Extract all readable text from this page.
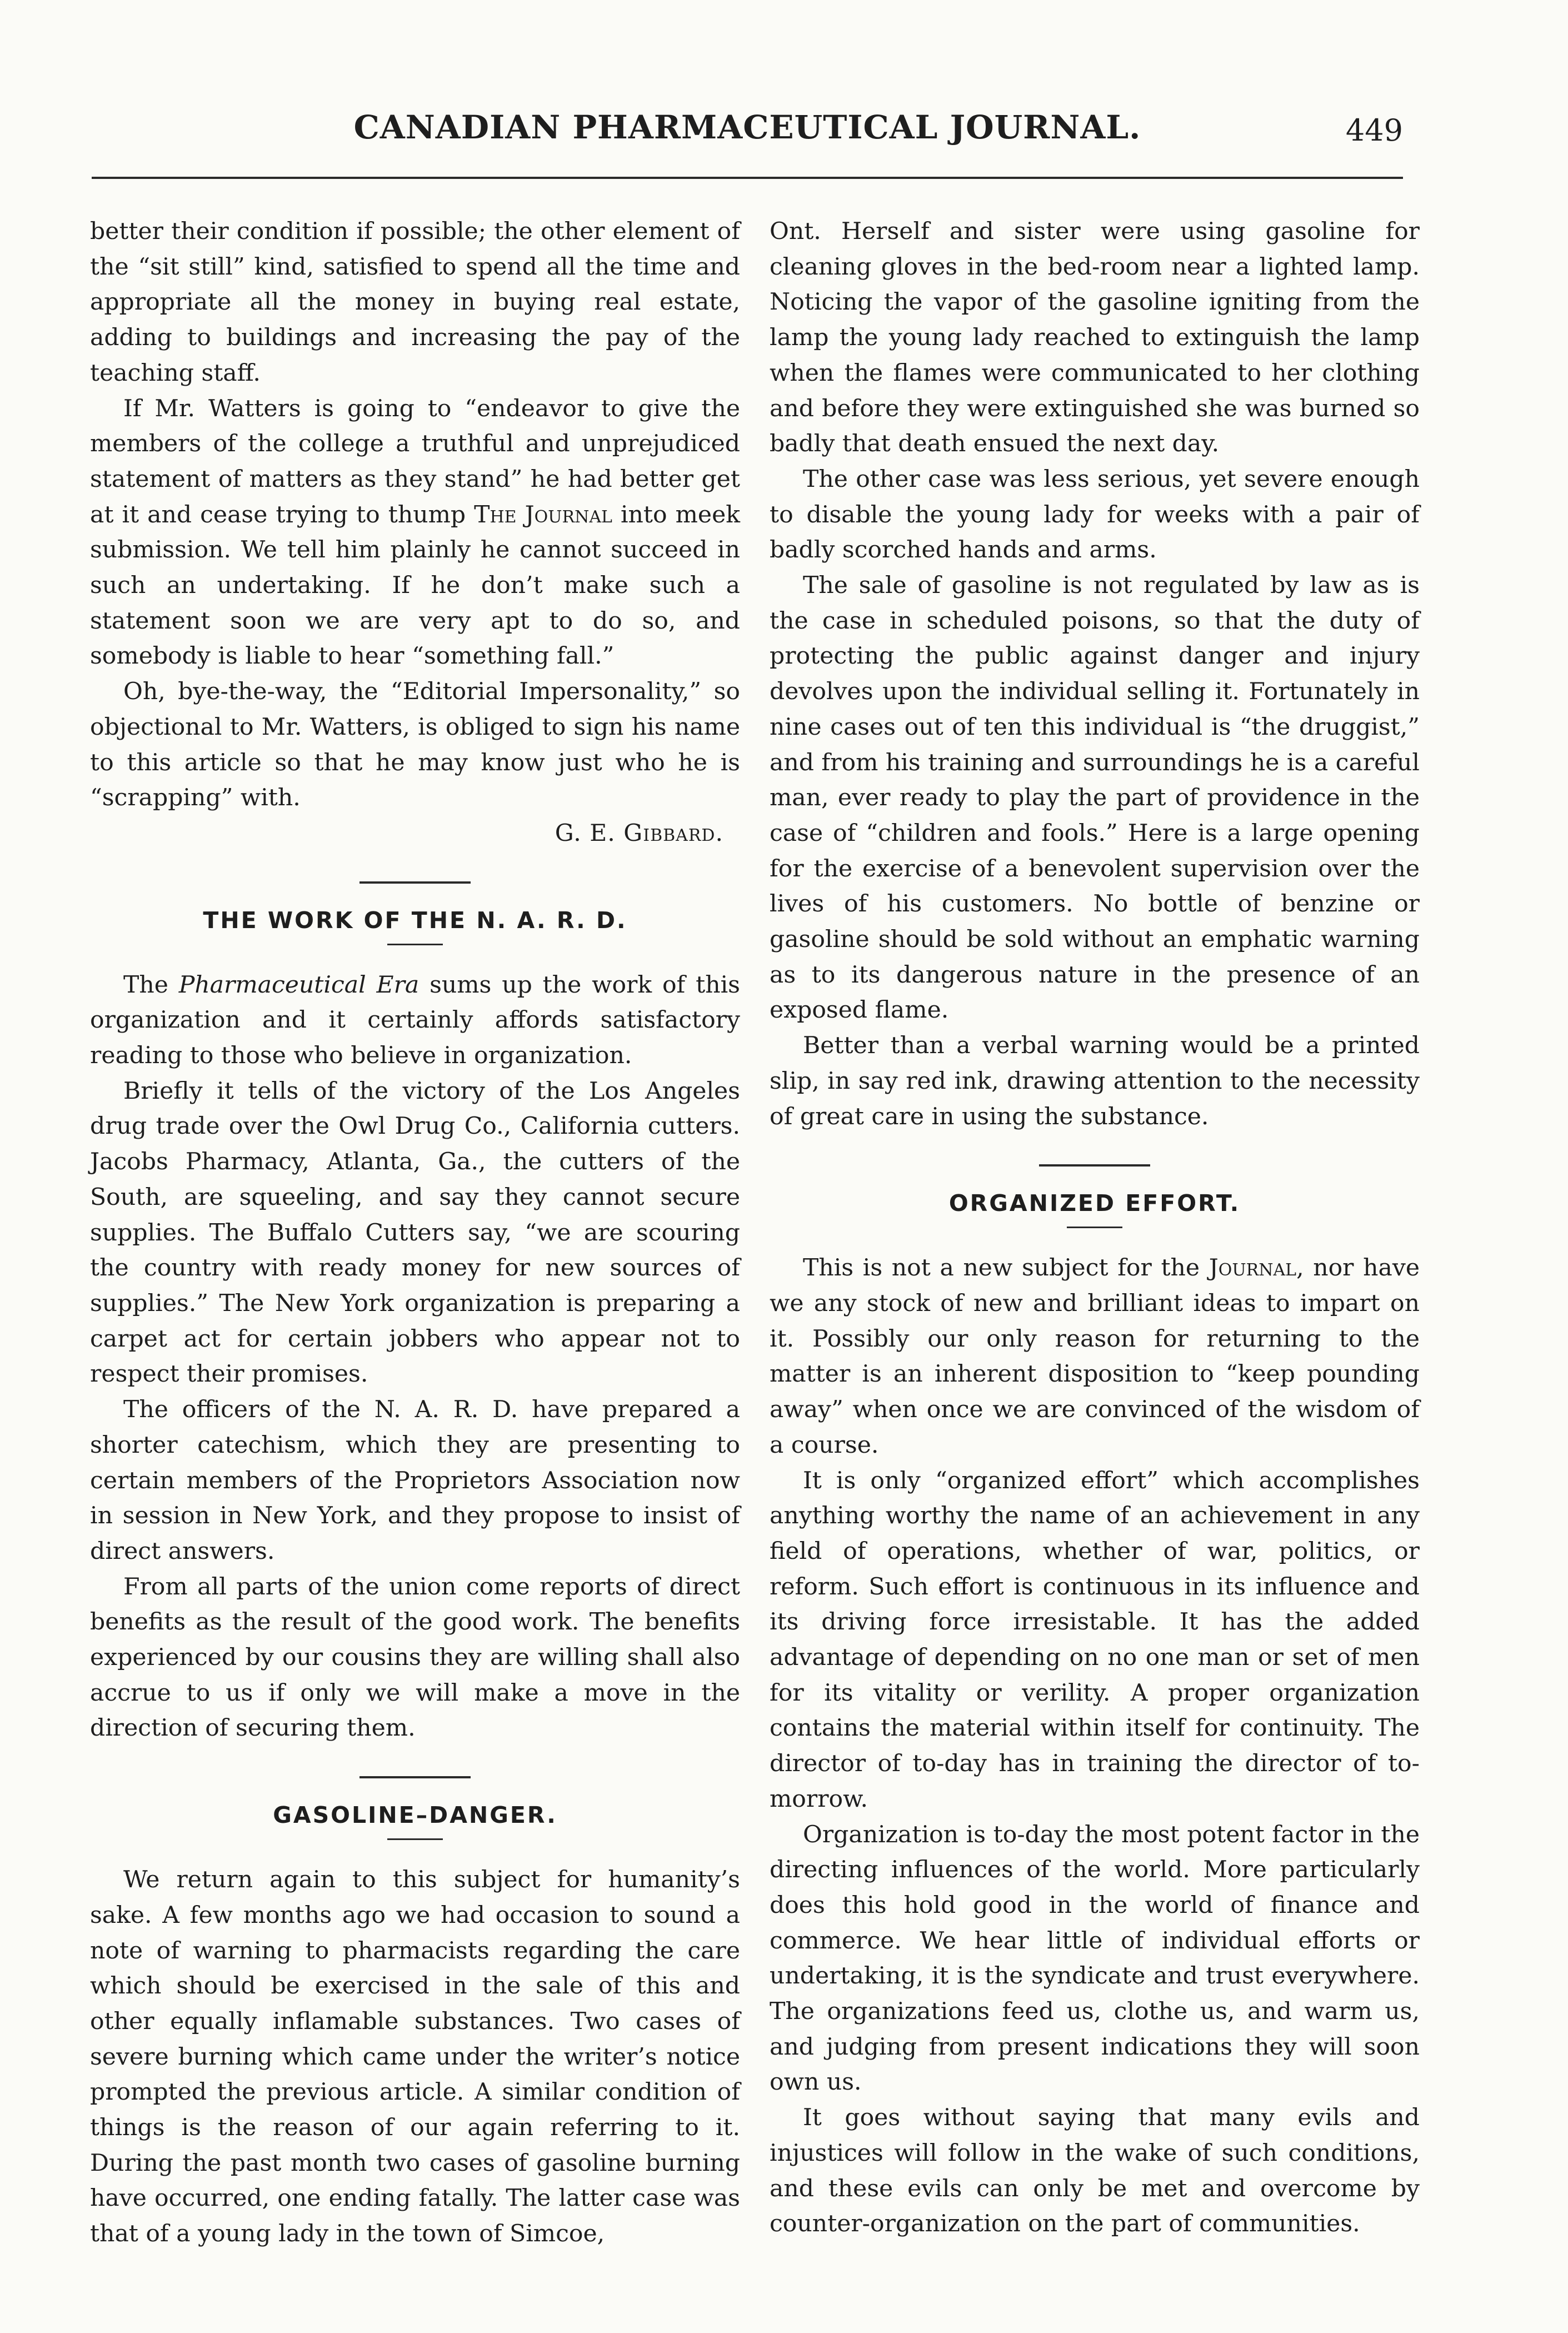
CANADIAN PHARMACEUTICAL JOURNAL.	449

better their condition if possible; the other element of the “sit still” kind, satisfied to spend all the time and appropriate all the money in buying real estate, adding to buildings and increasing the pay of the teaching staff.

If Mr. Watters is going to “endeavor to give the members of the college a truthful and unprejudiced statement of matters as they stand” he had better get at it and cease trying to thump The Journal into meek submission. We tell him plainly he cannot succeed in such an undertaking. If he don’t make such a statement soon we are very apt to do so, and somebody is liable to hear “something fall.”

Oh, bye-the-way, the “Editorial Impersonality,” so objectional to Mr. Watters, is obliged to sign his name to this article so that he may know just who he is “scrapping” with.

G. E. Gibbard.

THE WORK OF THE N. A. R. D.

The Pharmaceutical Era sums up the work of this organization and it certainly affords satisfactory reading to those who believe in organization.

Briefly it tells of the victory of the Los Angeles drug trade over the Owl Drug Co., California cutters. Jacobs Pharmacy, Atlanta, Ga., the cutters of the South, are squeeling, and say they cannot secure supplies. The Buffalo Cutters say, “we are scouring the country with ready money for new sources of supplies.” The New York organization is preparing a carpet act for certain jobbers who appear not to respect their promises.

The officers of the N. A. R. D. have prepared a shorter catechism, which they are presenting to certain members of the Proprietors Association now in session in New York, and they propose to insist of direct answers.

From all parts of the union come reports of direct benefits as the result of the good work. The benefits experienced by our cousins they are willing shall also accrue to us if only we will make a move in the direction of securing them.

GASOLINE–DANGER.

We return again to this subject for humanity’s sake. A few months ago we had occasion to sound a note of warning to pharmacists regarding the care which should be exercised in the sale of this and other equally inflamable substances. Two cases of severe burning which came under the writer’s notice prompted the previous article. A similar condition of things is the reason of our again referring to it. During the past month two cases of gasoline burning have occurred, one ending fatally. The latter case was that of a young lady in the town of Simcoe,

Ont. Herself and sister were using gasoline for cleaning gloves in the bed-room near a lighted lamp. Noticing the vapor of the gasoline igniting from the lamp the young lady reached to extinguish the lamp when the flames were communicated to her clothing and before they were extinguished she was burned so badly that death ensued the next day.

The other case was less serious, yet severe enough to disable the young lady for weeks with a pair of badly scorched hands and arms.

The sale of gasoline is not regulated by law as is the case in scheduled poisons, so that the duty of protecting the public against danger and injury devolves upon the individual selling it. Fortunately in nine cases out of ten this individual is “the druggist,” and from his training and surroundings he is a careful man, ever ready to play the part of providence in the case of “children and fools.” Here is a large opening for the exercise of a benevolent supervision over the lives of his customers. No bottle of benzine or gasoline should be sold without an emphatic warning as to its dangerous nature in the presence of an exposed flame.

Better than a verbal warning would be a printed slip, in say red ink, drawing attention to the necessity of great care in using the substance.

ORGANIZED EFFORT.

This is not a new subject for the Journal, nor have we any stock of new and brilliant ideas to impart on it. Possibly our only reason for returning to the matter is an inherent disposition to “keep pounding away” when once we are convinced of the wisdom of a course.

It is only “organized effort” which accomplishes anything worthy the name of an achievement in any field of operations, whether of war, politics, or reform. Such effort is continuous in its influence and its driving force irresistable. It has the added advantage of depending on no one man or set of men for its vitality or verility. A proper organization contains the material within itself for continuity. The director of to-day has in training the director of to-morrow.

Organization is to-day the most potent factor in the directing influences of the world. More particularly does this hold good in the world of finance and commerce. We hear little of individual efforts or undertaking, it is the syndicate and trust everywhere. The organizations feed us, clothe us, and warm us, and judging from present indications they will soon own us.

It goes without saying that many evils and injustices will follow in the wake of such conditions, and these evils can only be met and overcome by counter-organization on the part of communities.
